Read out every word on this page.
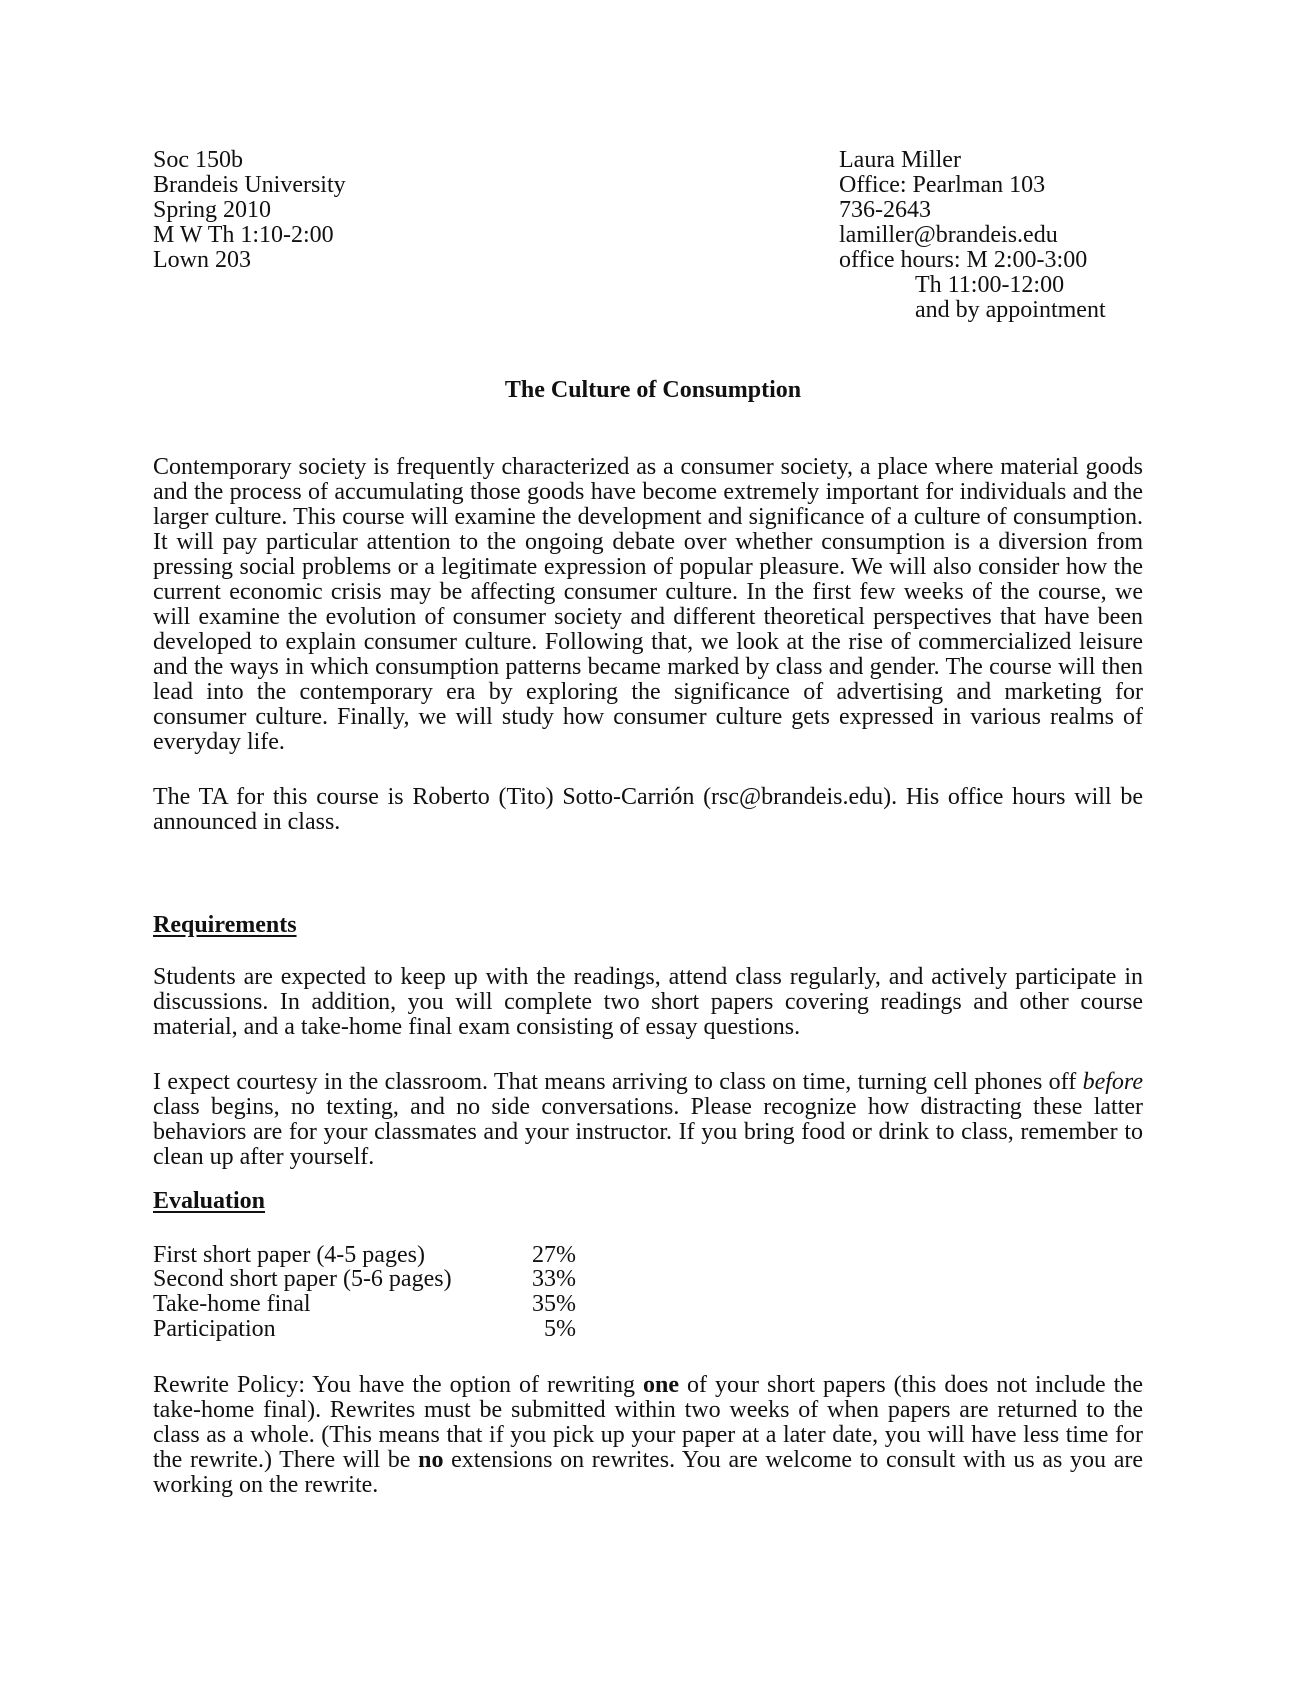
Soc 150b
Brandeis University
Spring 2010
M W Th 1:10-2:00
Lown 203
Laura Miller
Office: Pearlman 103
736-2643
lamiller@brandeis.edu
office hours: M 2:00-3:00
Th 11:00-12:00
and by appointment
The Culture of Consumption
Contemporary society is frequently characterized as a consumer society, a place where material goods and the process of accumulating those goods have become extremely important for individuals and the larger culture. This course will examine the development and significance of a culture of consumption. It will pay particular attention to the ongoing debate over whether consumption is a diversion from pressing social problems or a legitimate expression of popular pleasure. We will also consider how the current economic crisis may be affecting consumer culture. In the first few weeks of the course, we will examine the evolution of consumer society and different theoretical perspectives that have been developed to explain consumer culture. Following that, we look at the rise of commercialized leisure and the ways in which consumption patterns became marked by class and gender. The course will then lead into the contemporary era by exploring the significance of advertising and marketing for consumer culture. Finally, we will study how consumer culture gets expressed in various realms of everyday life.
The TA for this course is Roberto (Tito) Sotto-Carrión (rsc@brandeis.edu). His office hours will be announced in class.
Requirements
Students are expected to keep up with the readings, attend class regularly, and actively participate in discussions. In addition, you will complete two short papers covering readings and other course material, and a take-home final exam consisting of essay questions.
I expect courtesy in the classroom. That means arriving to class on time, turning cell phones off before class begins, no texting, and no side conversations. Please recognize how distracting these latter behaviors are for your classmates and your instructor. If you bring food or drink to class, remember to clean up after yourself.
Evaluation
First short paper (4-5 pages)	27%
Second short paper (5-6 pages)	33%
Take-home final	35%
Participation	5%
Rewrite Policy: You have the option of rewriting one of your short papers (this does not include the take-home final). Rewrites must be submitted within two weeks of when papers are returned to the class as a whole. (This means that if you pick up your paper at a later date, you will have less time for the rewrite.) There will be no extensions on rewrites. You are welcome to consult with us as you are working on the rewrite.
